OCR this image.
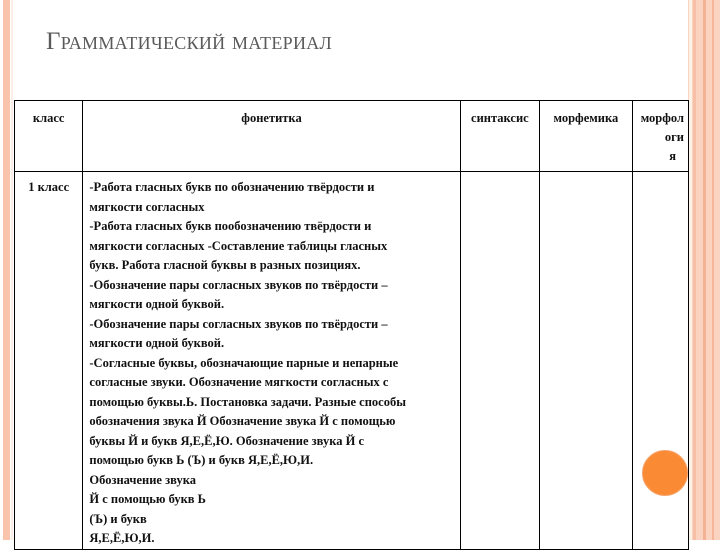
Грамматический материал
класс	фонетитка	синтаксис	морфемика	морфол
оги
я

1 класс	-Работа гласных букв по обозначению твёрдости и
мягкости согласных
-Работа гласных букв пообозначению твёрдости и
мягкости согласных -Составление таблицы гласных
букв. Работа гласной буквы в разных позициях.
-Обозначение пары согласных звуков по твёрдости –
мягкости одной буквой.
-Обозначение пары согласных звуков по твёрдости –
мягкости одной буквой.
-Согласные буквы, обозначающие парные и непарные
согласные звуки. Обозначение мягкости согласных с
помощью буквы.Ь. Постановка задачи. Разные способы
обозначения звука Й Обозначение звука Й с помощью
буквы Й и букв Я,Е,Ё,Ю. Обозначение звука Й с
помощью букв Ь (Ъ) и букв Я,Е,Ё,Ю,И.
Обозначение звука
Й с помощью букв Ь
(Ъ) и букв
Я,Е,Ё,Ю,И.
